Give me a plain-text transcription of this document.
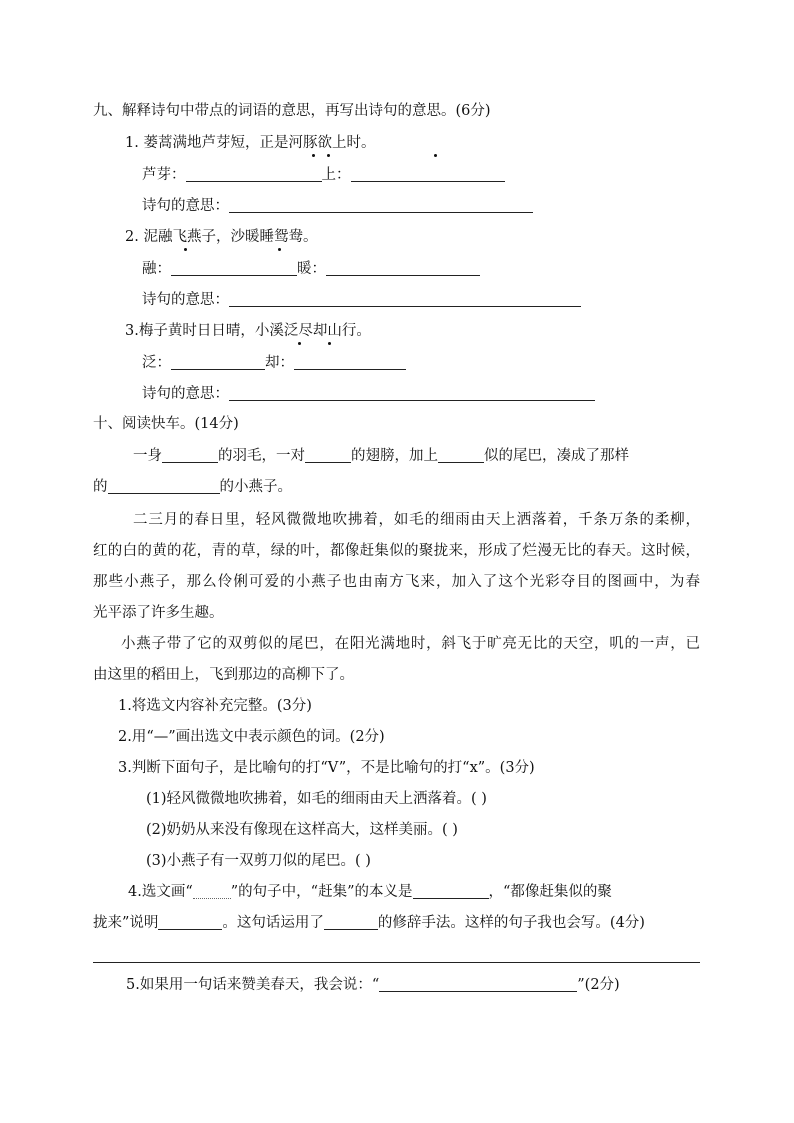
九、解释诗句中带点的词语的意思，再写出诗句的意思。(6分)
1. 蒌蒿满地芦芽短，正是河豚欲上时。
芦芽：	上：
诗句的意思：
2. 泥融飞燕子，沙暖睡鸳鸯。
融：	暖：
诗句的意思：
3.梅子黄时日日晴，小溪泛尽却山行。
泛：	却：
诗句的意思：
十、阅读快车。(14分)
一身	的羽毛，一对	的翅膀，加上	似的尾巴，凑成了那样
的	的小燕子。
二三月的春日里，轻风微微地吹拂着，如毛的细雨由天上洒落着，千条万条的柔柳，
红的白的黄的花，青的草，绿的叶，都像赶集似的聚拢来，形成了烂漫无比的春天。这时候，
那些小燕子，那么伶俐可爱的小燕子也由南方飞来，加入了这个光彩夺目的图画中，为春
光平添了许多生趣。
小燕子带了它的双剪似的尾巴，在阳光满地时，斜飞于旷亮无比的天空，叽的一声，已
由这里的稻田上，飞到那边的高柳下了。
1.将选文内容补充完整。(3分)
2.用“—”画出选文中表示颜色的词。(2分)
3.判断下面句子，是比喻句的打“V”，不是比喻句的打“x”。(3分)
(1)轻风微微地吹拂着，如毛的细雨由天上洒落着。( )
(2)奶奶从来没有像现在这样高大，这样美丽。( )
(3)小燕子有一双剪刀似的尾巴。( )
4.选文画“	”的句子中，“赶集”的本义是	，“都像赶集似的聚
拢来”说明	。这句话运用了	的修辞手法。这样的句子我也会写。(4分)
5.如果用一句话来赞美春天，我会说：“	”(2分)
